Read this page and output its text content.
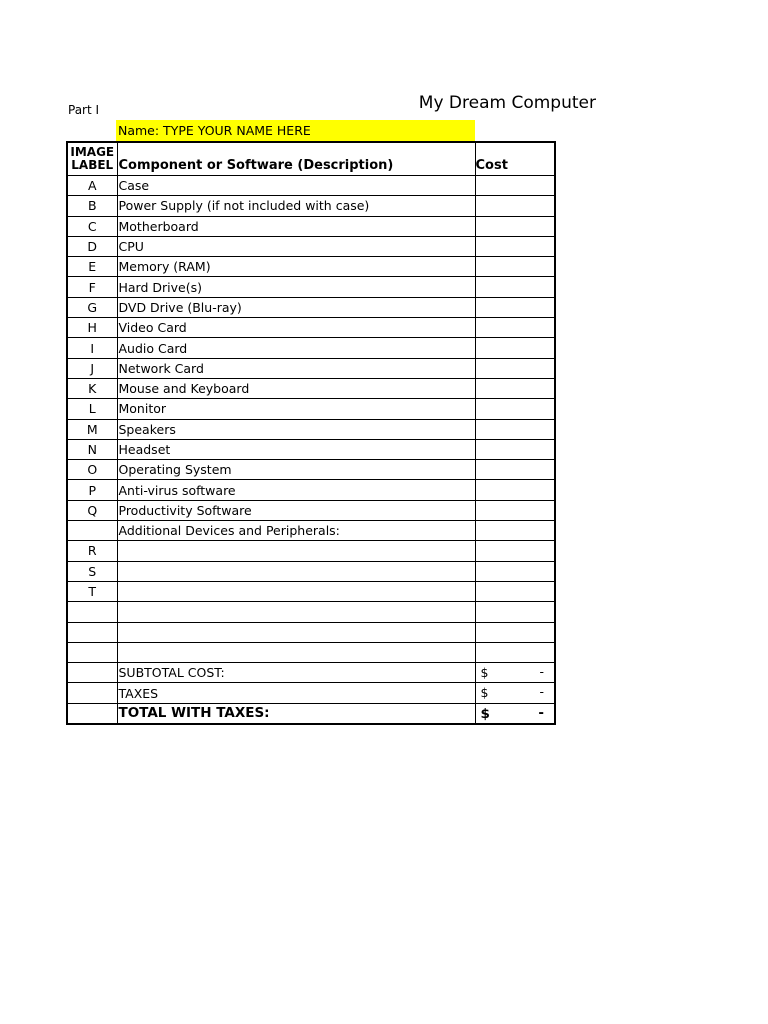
Part I	My Dream Computer
Name: TYPE YOUR NAME HERE
IMAGE LABEL	Component or Software (Description)	Cost
A	Case	
B	Power Supply (if not included with case)	
C	Motherboard	
D	CPU	
E	Memory (RAM)	
F	Hard Drive(s)	
G	DVD Drive (Blu-ray)	
H	Video Card	
I	Audio Card	
J	Network Card	
K	Mouse and Keyboard	
L	Monitor	
M	Speakers	
N	Headset	
O	Operating System	
P	Anti-virus software	
Q	Productivity Software	
	Additional Devices and Peripherals:	
R		
S		
T		

	SUBTOTAL COST:	$ -

	TAXES	$ -

	TOTAL WITH TAXES:	$ -
